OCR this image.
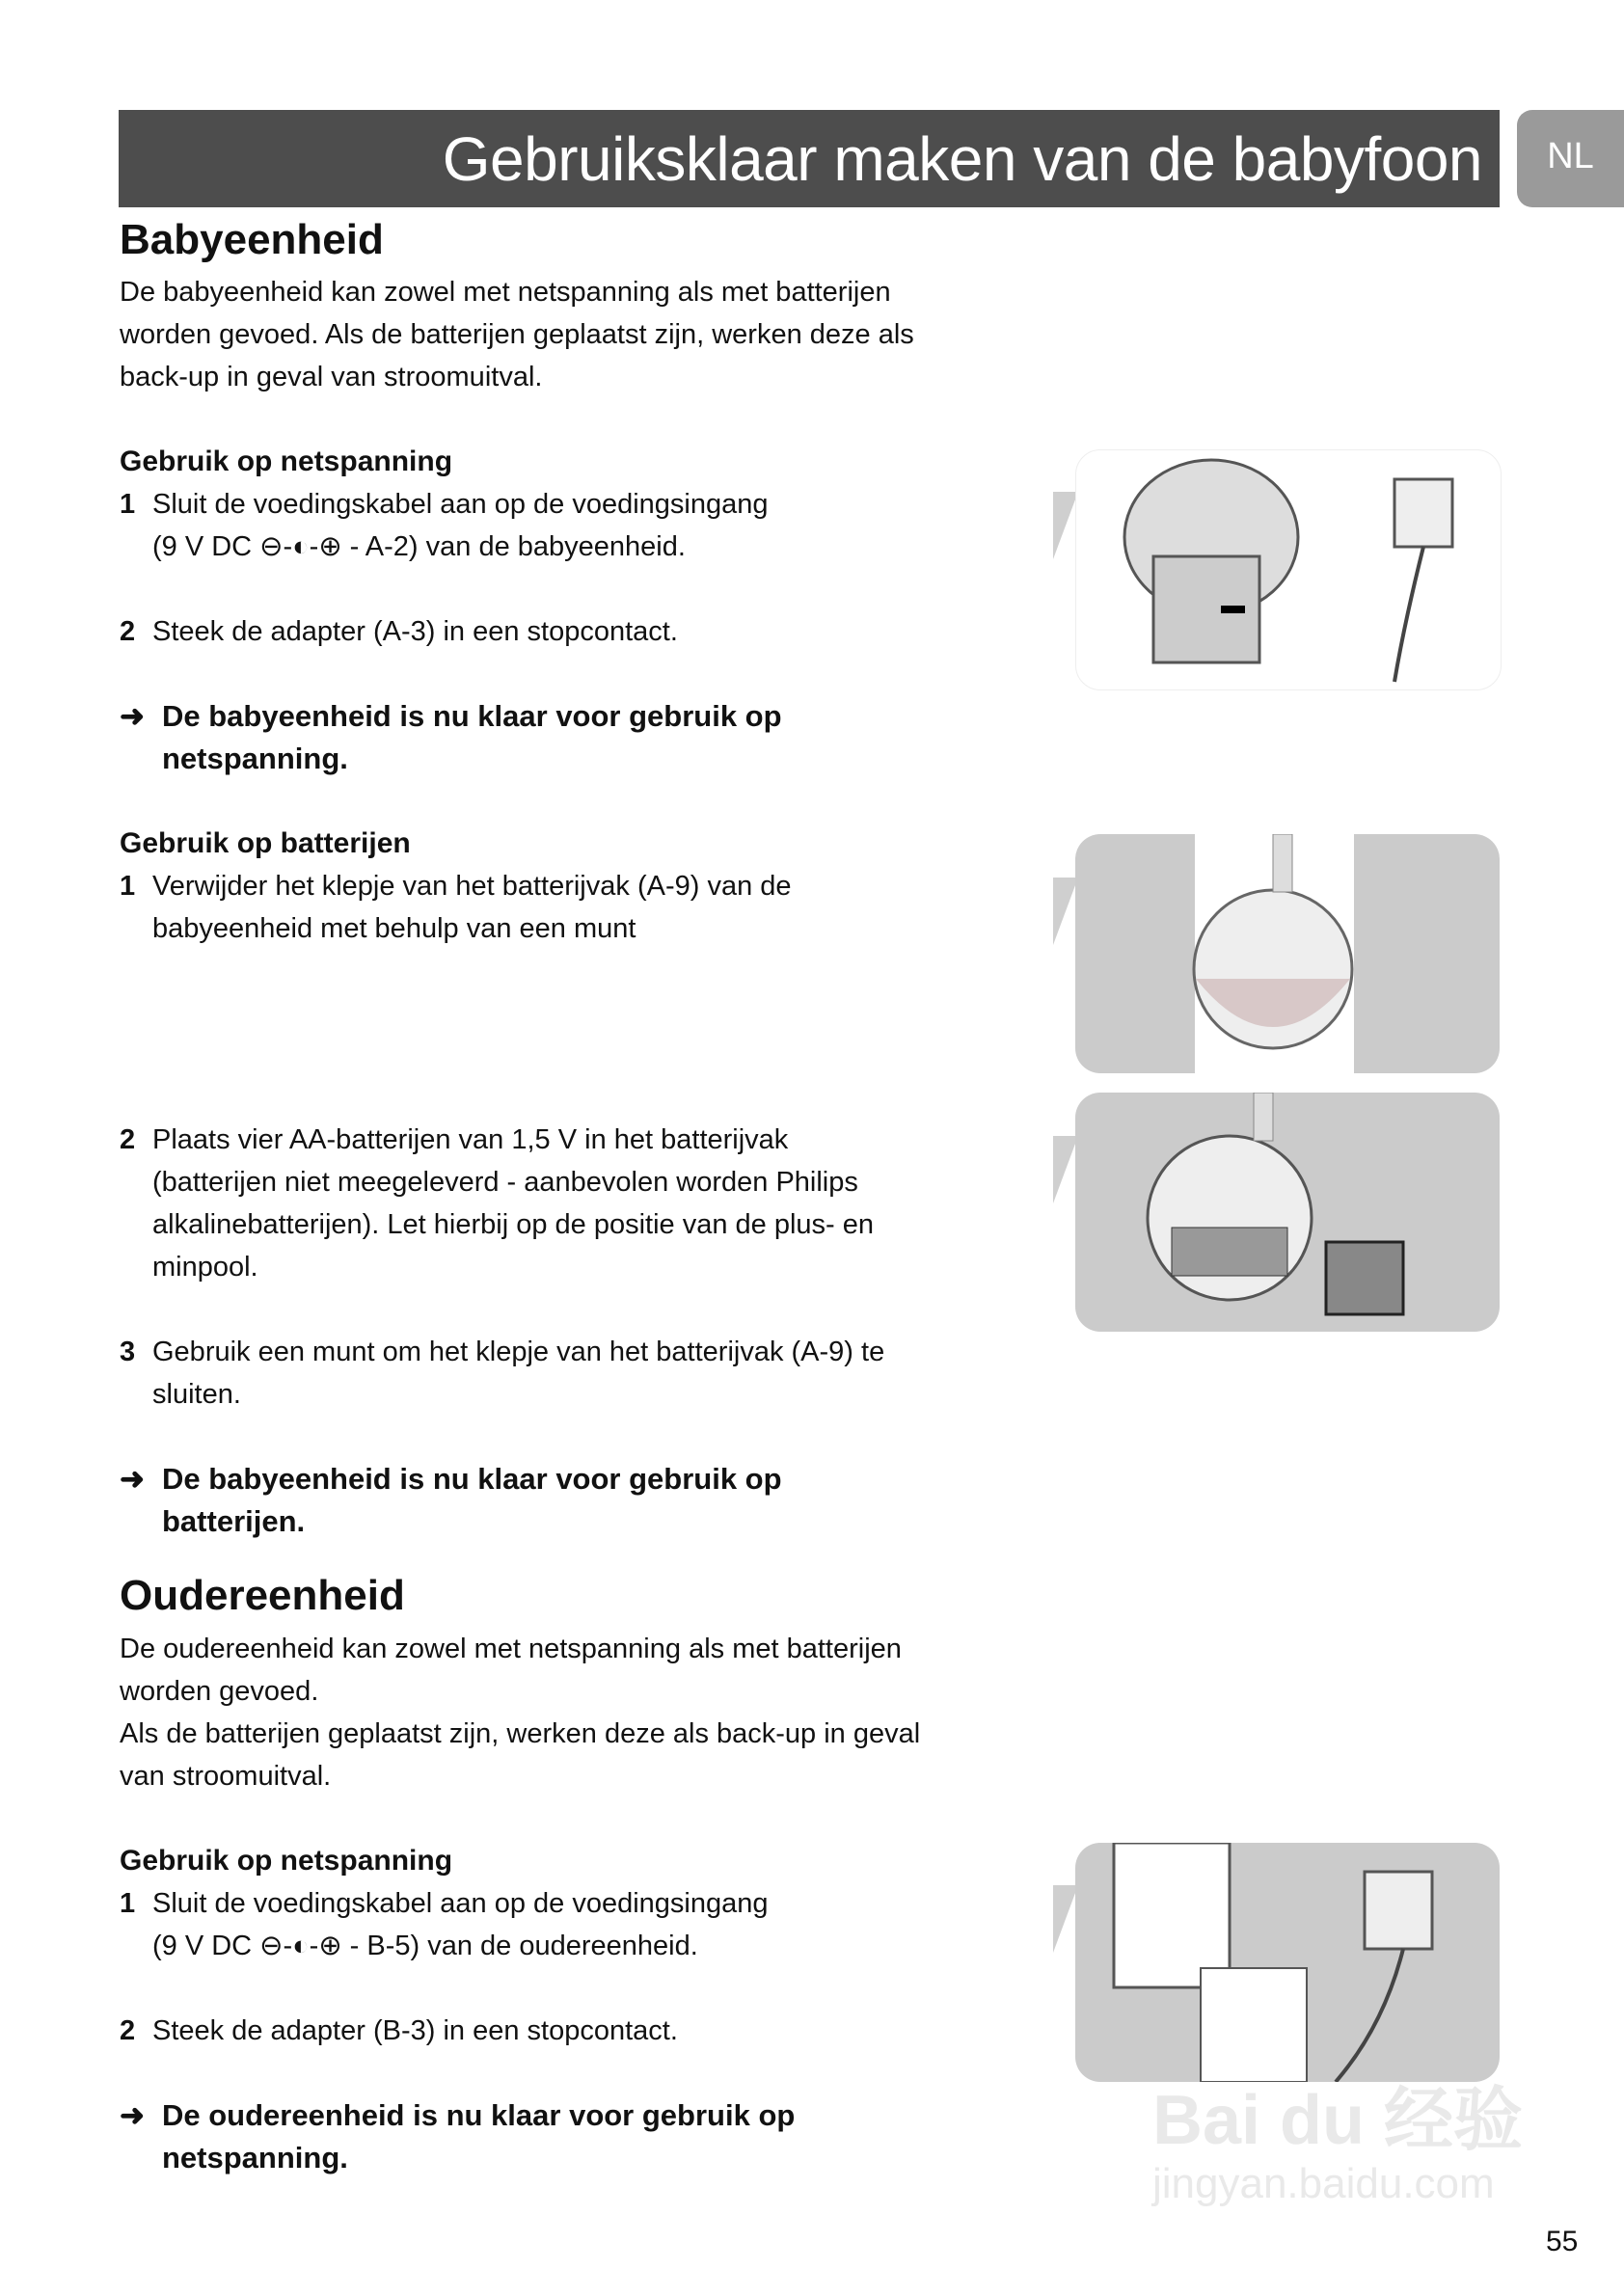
Gebruiksklaar maken van de babyfoon	NL
Babyeenheid
De babyeenheid kan zowel met netspanning als met batterijen
worden gevoed. Als de batterijen geplaatst zijn, werken deze als
back-up in geval van stroomuitval.
Gebruik op netspanning
1 Sluit de voedingskabel aan op de voedingsingang
(9 V DC ⊖-◐-⊕ - A-2) van de babyeenheid.
2 Steek de adapter (A-3) in een stopcontact.
➜ De babyeenheid is nu klaar voor gebruik op
netspanning.
Gebruik op batterijen
1 Verwijder het klepje van het batterijvak (A-9) van de
babyeenheid met behulp van een munt
2 Plaats vier AA-batterijen van 1,5 V in het batterijvak
(batterijen niet meegeleverd - aanbevolen worden Philips
alkalinebatterijen). Let hierbij op de positie van de plus- en
minpool.
3 Gebruik een munt om het klepje van het batterijvak (A-9) te
sluiten.
➜ De babyeenheid is nu klaar voor gebruik op
batterijen.
Oudereenheid
De oudereenheid kan zowel met netspanning als met batterijen
worden gevoed.
Als de batterijen geplaatst zijn, werken deze als back-up in geval
van stroomuitval.
Gebruik op netspanning
1 Sluit de voedingskabel aan op de voedingsingang
(9 V DC ⊖-◐-⊕ - B-5) van de oudereenheid.
2 Steek de adapter (B-3) in een stopcontact.
➜ De oudereenheid is nu klaar voor gebruik op
netspanning.	Bai du 经验
jingyan.baidu.com
55
